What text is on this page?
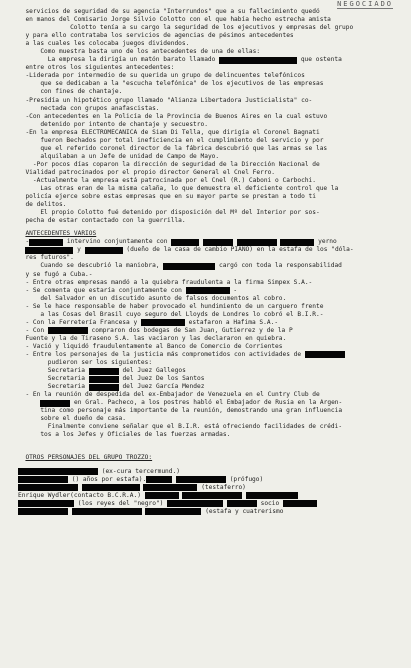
NEGOCIADO
servicios de seguridad de su agencia "Interrundos" que a su fallecimiento quedó
en manos del Comisario Jorge Silvio Colotto con el que había hecho estrecha amista
Colotto tenía a su cargo la seguridad de los ejecutivos y empresas del grupo
y para ello contrataba los servicios de agencias de pésimos antecedentes
a las cuales les colocaba juegos dividendos.
Como muestra basta uno de los antecedentes de una de ellas:
La empresa la dirigía un matón barato llamado	que ostenta
entre otros los siguientes antecedentes:
-Liderada por intermedio de su querida un grupo de delincuentes telefónicos
que se dedicaban a la "escucha telefónica" de los ejecutivos de las empresas
con fines de chantaje.
-Presidía un hipotético grupo llamado "Alianza Libertadora Justicialista" co-
nectada con grupos anafascistas.
-Con antecedentes en la Policía de la Provincia de Buenos Aires en la cual estuvo
detenido por intento de chantaje y secuestro.
-En la empresa ELECTROMECANICA de Siam Di Tella, que dirigía el Coronel Bagnati
fueron Bechados por total ineficiencia en el cumplimiento del servicio y por
que el referido coronel director de la fábrica descubrió que las armas se las
alquilaban a un Jefe de unidad de Campo de Mayo.
-Por pocos días coparon la dirección de seguridad de la Dirección Nacional de
Vialidad patrocinados por el propio director General el Cnel Ferro.
-Actualmente la empresa está patrocinada por el Cnel (R.) Caboni o Carbochi.
Las otras eran de la misma calaña, lo que demuestra el deficiente control que la
policía ejerce sobre estas empresas que en su mayor parte se prestan a todo ti
de delitos.
El propio Colotto fué detenido por disposición del Mº del Interior por sos-
pecha de estar contactado con la guerrilla.
ANTECEDENTES VARIOS
-	intervino conjuntamente con	yerno
y	(dueño de la casa de cambio PIANO) en la estafa de los "dóla-
res futuros".
Cuando se descubrió la maniobra,	cargó con toda la responsabilidad
y se fugó a Cuba.-
- Entre otras empresas mandó a la quiebra fraudulenta a la firma Simpex S.A.-
- Se comenta que estaría conjuntamente con	-
del Salvador en un discutido asunto de falsos documentos al cobro.
- Se le hace responsable de haber provocado el hundimiento de un carguero frente
a las Cosas del Brasil cuyo seguro del Lloyds de Londres lo cobró el B.I.R.-
- Con la Ferretería Francesa y	estafaron a Hafima S.A.-
- Con	compraron dos bodegas de San Juan, Gutierrez y de la P
Fuente y la de Tiraseno S.A. las vaciaron y las declararon en quiebra.
- Vació y liquidó fraudulentamente al Banco de Comercio de Corrientes
- Entre los personajes de la justicia más comprometidos con actividades de
pudieron ser los siguientes:
Secretaria	del Juez Gallegos
Secretaria	del Juez De los Santos
Secretaria	del Juez García Mendez
- En la reunión de despedida del ex-Embajador de Venezuela en el Cuntry Club de
en Gral. Pacheco, a los postres habló el Embajador de Rusia en la Argen-
tina como personaje más importante de la reunión, demostrando una gran influencia
sobre el dueño de casa.
Finalmente conviene señalar que el B.I.R. está ofreciendo facilidades de crédi-
tos a los Jefes y Oficiales de las fuerzas armadas.
OTROS PERSONAJES DEL GRUPO TROZZO:
(ex-cura tercermund.)
() años por estafa).	(prófugo)
(testaferro)
Enrique Wydler(contacto B.C.R.A.)
(los reyes del "negro")	socio
(estafa y cuatrerismo
